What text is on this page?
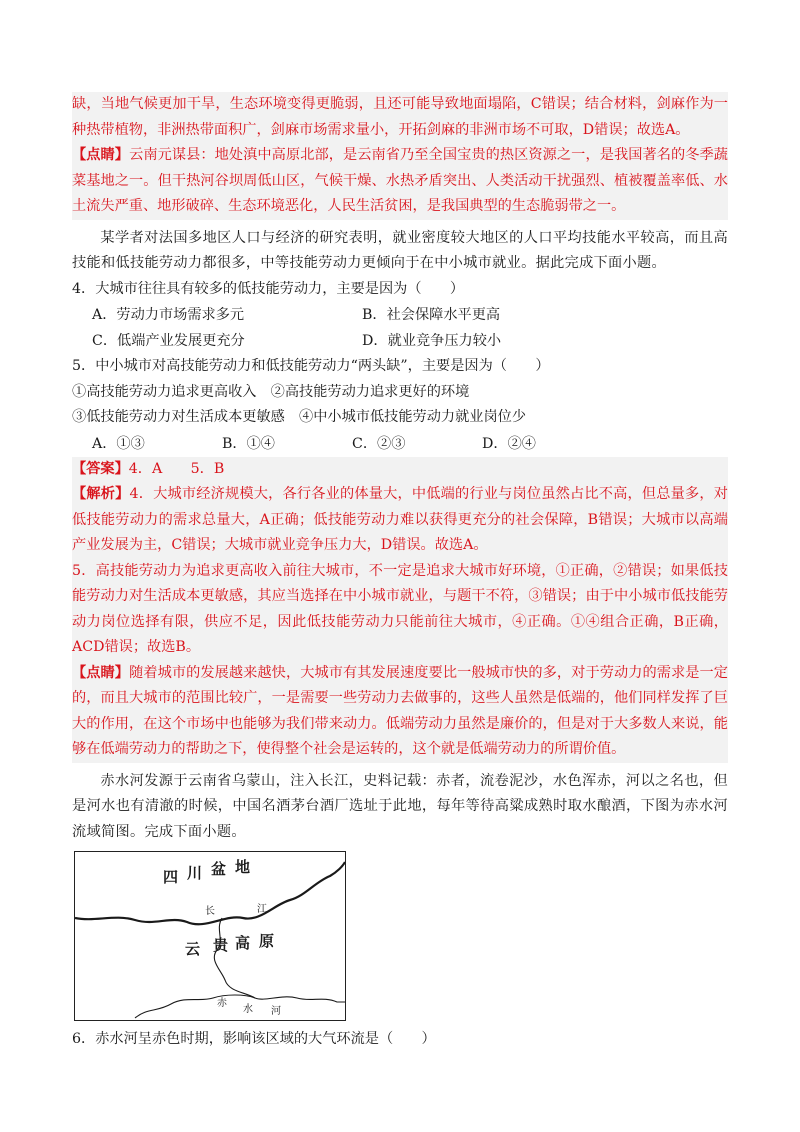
缺，当地气候更加干旱，生态环境变得更脆弱，且还可能导致地面塌陷，C错误；结合材料，剑麻作为一种热带植物，非洲热带面积广，剑麻市场需求量小，开拓剑麻的非洲市场不可取，D错误；故选A。

【点睛】云南元谋县：地处滇中高原北部，是云南省乃至全国宝贵的热区资源之一，是我国著名的冬季蔬菜基地之一。但干热河谷坝周低山区，气候干燥、水热矛盾突出、人类活动干扰强烈、植被覆盖率低、水土流失严重、地形破碎、生态环境恶化，人民生活贫困，是我国典型的生态脆弱带之一。

某学者对法国多地区人口与经济的研究表明，就业密度较大地区的人口平均技能水平较高，而且高技能和低技能劳动力都很多，中等技能劳动力更倾向于在中小城市就业。据此完成下面小题。

4．大城市往往具有较多的低技能劳动力，主要是因为（　　）

A．劳动力市场需求多元	B．社会保障水平更高
C．低端产业发展更充分	D．就业竞争压力较小

5．中小城市对高技能劳动力和低技能劳动力“两头缺”，主要是因为（　　）

①高技能劳动力追求更高收入　②高技能劳动力追求更好的环境

③低技能劳动力对生活成本更敏感　④中小城市低技能劳动力就业岗位少

A．①③	B．①④	C．②③	D．②④

【答案】4．A　　5．B

【解析】4．大城市经济规模大，各行各业的体量大，中低端的行业与岗位虽然占比不高，但总量多，对低技能劳动力的需求总量大，A正确；低技能劳动力难以获得更充分的社会保障，B错误；大城市以高端产业发展为主，C错误；大城市就业竞争压力大，D错误。故选A。

5．高技能劳动力为追求更高收入前往大城市，不一定是追求大城市好环境，①正确，②错误；如果低技能劳动力对生活成本更敏感，其应当选择在中小城市就业，与题干不符，③错误；由于中小城市低技能劳动力岗位选择有限，供应不足，因此低技能劳动力只能前往大城市，④正确。①④组合正确，B正确，ACD错误；故选B。

【点睛】随着城市的发展越来越快，大城市有其发展速度要比一般城市快的多，对于劳动力的需求是一定的，而且大城市的范围比较广，一是需要一些劳动力去做事的，这些人虽然是低端的，他们同样发挥了巨大的作用，在这个市场中也能够为我们带来动力。低端劳动力虽然是廉价的，但是对于大多数人来说，能够在低端劳动力的帮助之下，使得整个社会是运转的，这个就是低端劳动力的所谓价值。

赤水河发源于云南省乌蒙山，注入长江，史料记载：赤者，流卷泥沙，水色浑赤，河以之名也，但是河水也有清澈的时候，中国名酒茅台酒厂选址于此地，每年等待高粱成熟时取水酿酒，下图为赤水河流域简图。完成下面小题。

四 川 盆 地
云 贵 高 原
长	江
赤
水 河

6．赤水河呈赤色时期，影响该区域的大气环流是（　　）
